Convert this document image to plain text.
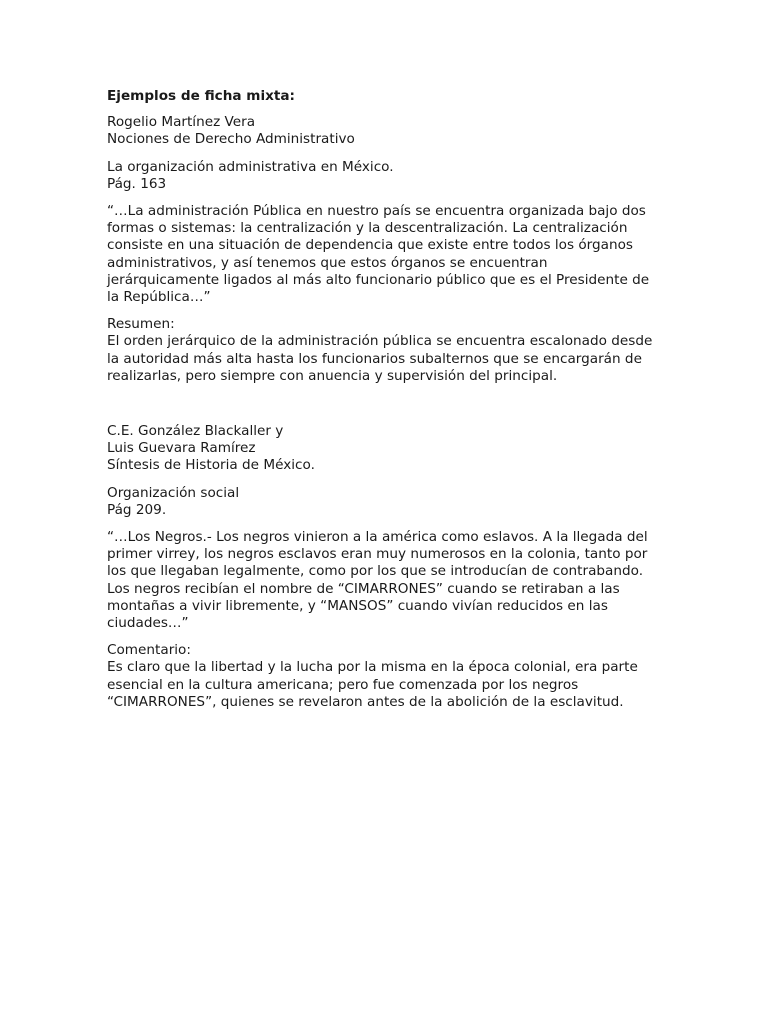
Ejemplos de ficha mixta:
Rogelio Martínez Vera
Nociones de Derecho Administrativo
La organización administrativa en México.
Pág. 163
“…La administración Pública en nuestro país se encuentra organizada bajo dos
formas o sistemas: la centralización y la descentralización. La centralización
consiste en una situación de dependencia que existe entre todos los órganos
administrativos, y así tenemos que estos órganos se encuentran
jerárquicamente ligados al más alto funcionario público que es el Presidente de
la República…”
Resumen:
El orden jerárquico de la administración pública se encuentra escalonado desde
la autoridad más alta hasta los funcionarios subalternos que se encargarán de
realizarlas, pero siempre con anuencia y supervisión del principal.
C.E. González Blackaller y
Luis Guevara Ramírez
Síntesis de Historia de México.
Organización social
Pág 209.
“…Los Negros.- Los negros vinieron a la américa como eslavos. A la llegada del
primer virrey, los negros esclavos eran muy numerosos en la colonia, tanto por
los que llegaban legalmente, como por los que se introducían de contrabando.
Los negros recibían el nombre de “CIMARRONES” cuando se retiraban a las
montañas a vivir libremente, y “MANSOS” cuando vivían reducidos en las
ciudades…”
Comentario:
Es claro que la libertad y la lucha por la misma en la época colonial, era parte
esencial en la cultura americana; pero fue comenzada por los negros
“CIMARRONES”, quienes se revelaron antes de la abolición de la esclavitud.
